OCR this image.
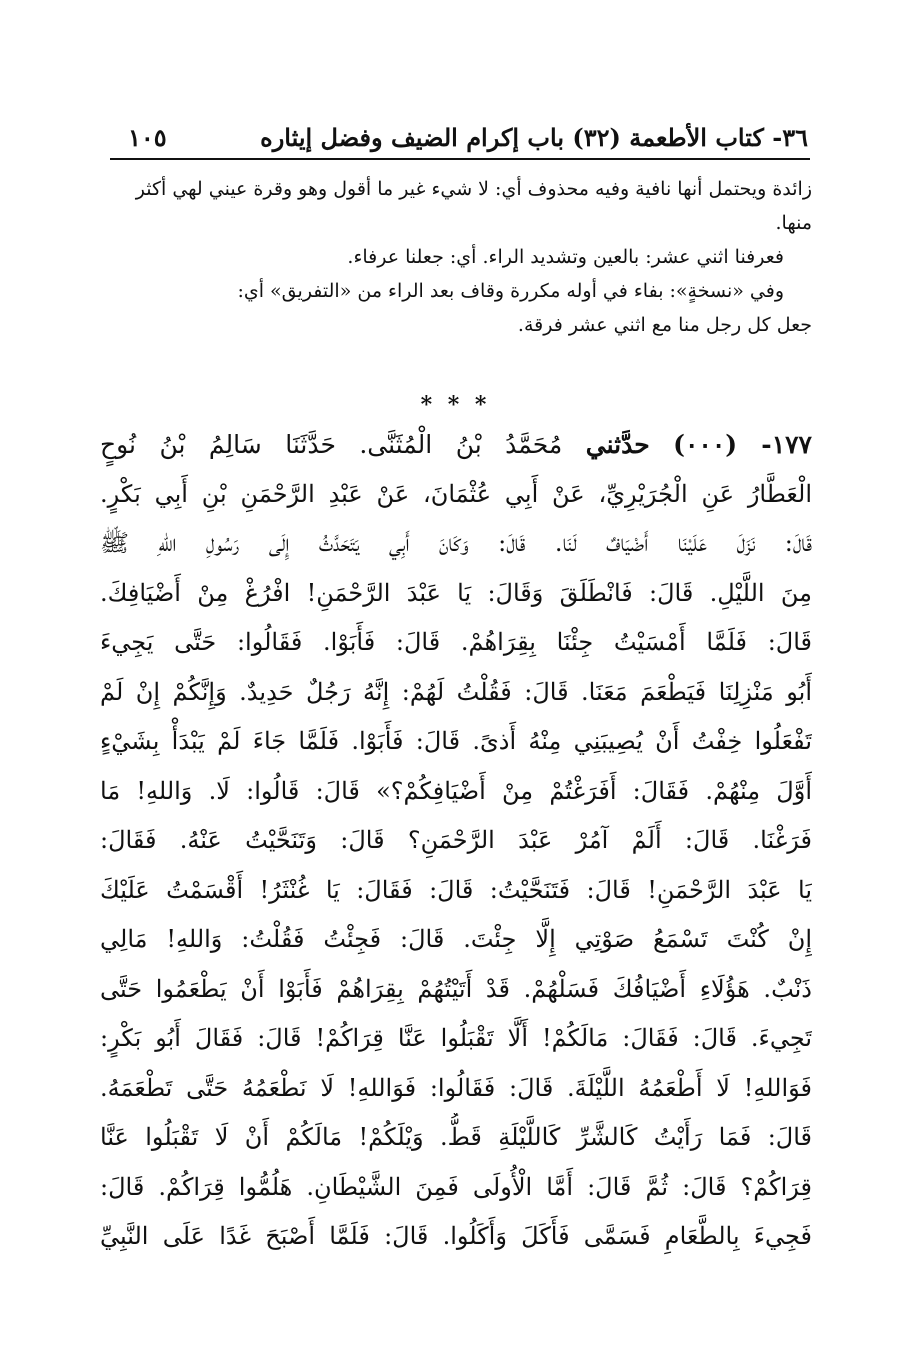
٣٦- كتاب الأطعمة (٣٢) باب إكرام الضيف وفضل إيثاره
١٠٥
زائدة ويحتمل أنها نافية وفيه محذوف أي: لا شيء غير ما أقول وهو وقرة عيني لهي أكثر
منها.
فعرفنا اثني عشر: بالعين وتشديد الراء. أي: جعلنا عرفاء.
وفي «نسخةٍ»: بفاء في أوله مكررة وقاف بعد الراء من «التفريق» أي:
جعل كل رجل منا مع اثني عشر فرقة.
* * *
١٧٧- (٠٠٠) حدَّثني مُحَمَّدُ بْنُ الْمُثَنَّى. حَدَّثَنَا سَالِمُ بْنُ نُوحٍ
الْعَطَّارُ عَنِ الْجُرَيْرِيِّ، عَنْ أَبِي عُثْمَانَ، عَنْ عَبْدِ الرَّحْمَنِ بْنِ أَبِي بَكْرٍ.
قَالَ: نَزَلَ عَلَيْنَا أَضْيَافٌ لَنَا. قَالَ: وَكَانَ أَبِي يَتَحَدَّثُ إِلَى رَسُولِ اللهِ ﷺ
مِنَ اللَّيْلِ. قَالَ: فَانْطَلَقَ وَقَالَ: يَا عَبْدَ الرَّحْمَنِ! افْرُغْ مِنْ أَضْيَافِكَ.
قَالَ: فَلَمَّا أَمْسَيْتُ جِئْنَا بِقِرَاهُمْ. قَالَ: فَأَبَوْا. فَقَالُوا: حَتَّى يَجِيءَ
أَبُو مَنْزِلِنَا فَيَطْعَمَ مَعَنَا. قَالَ: فَقُلْتُ لَهُمْ: إِنَّهُ رَجُلٌ حَدِيدٌ. وَإِنَّكُمْ إِنْ لَمْ
تَفْعَلُوا خِفْتُ أَنْ يُصِيبَنِي مِنْهُ أَذىً. قَالَ: فَأَبَوْا. فَلَمَّا جَاءَ لَمْ يَبْدَأْ بِشَيْءٍ
أَوَّلَ مِنْهُمْ. فَقَالَ: أَفَرَغْتُمْ مِنْ أَضْيَافِكُمْ؟» قَالَ: قَالُوا: لَا. وَاللهِ! مَا
فَرَغْنَا. قَالَ: أَلَمْ آمُرْ عَبْدَ الرَّحْمَنِ؟ قَالَ: وَتَنَحَّيْتُ عَنْهُ. فَقَالَ:
يَا عَبْدَ الرَّحْمَنِ! قَالَ: فَتَنَحَّيْتُ: قَالَ: فَقَالَ: يَا غُنْثَرُ! أَقْسَمْتُ عَلَيْكَ
إِنْ كُنْتَ تَسْمَعُ صَوْتِي إِلَّا جِئْتَ. قَالَ: فَجِئْتُ فَقُلْتُ: وَاللهِ! مَالِي
ذَنْبٌ. هَؤُلَاءِ أَضْيَافُكَ فَسَلْهُمْ. قَدْ أَتَيْتُهُمْ بِقِرَاهُمْ فَأَبَوْا أَنْ يَطْعَمُوا حَتَّى
تَجِيءَ. قَالَ: فَقَالَ: مَالَكُمْ! أَلَّا تَقْبَلُوا عَنَّا قِرَاكُمْ! قَالَ: فَقَالَ أَبُو بَكْرٍ:
فَوَاللهِ! لَا أَطْعَمُهُ اللَّيْلَةَ. قَالَ: فَقَالُوا: فَوَاللهِ! لَا نَطْعَمُهُ حَتَّى تَطْعَمَهُ.
قَالَ: فَمَا رَأَيْتُ كَالشَّرِّ كَاللَّيْلَةِ قَطُّ. وَيْلَكُمْ! مَالَكُمْ أَنْ لَا تَقْبَلُوا عَنَّا
قِرَاكُمْ؟ قَالَ: ثُمَّ قَالَ: أَمَّا الْأُولَى فَمِنَ الشَّيْطَانِ. هَلُمُّوا قِرَاكُمْ. قَالَ:
فَجِيءَ بِالطَّعَامِ فَسَمَّى فَأَكَلَ وَأَكَلُوا. قَالَ: فَلَمَّا أَصْبَحَ غَدًا عَلَى النَّبِيِّ
